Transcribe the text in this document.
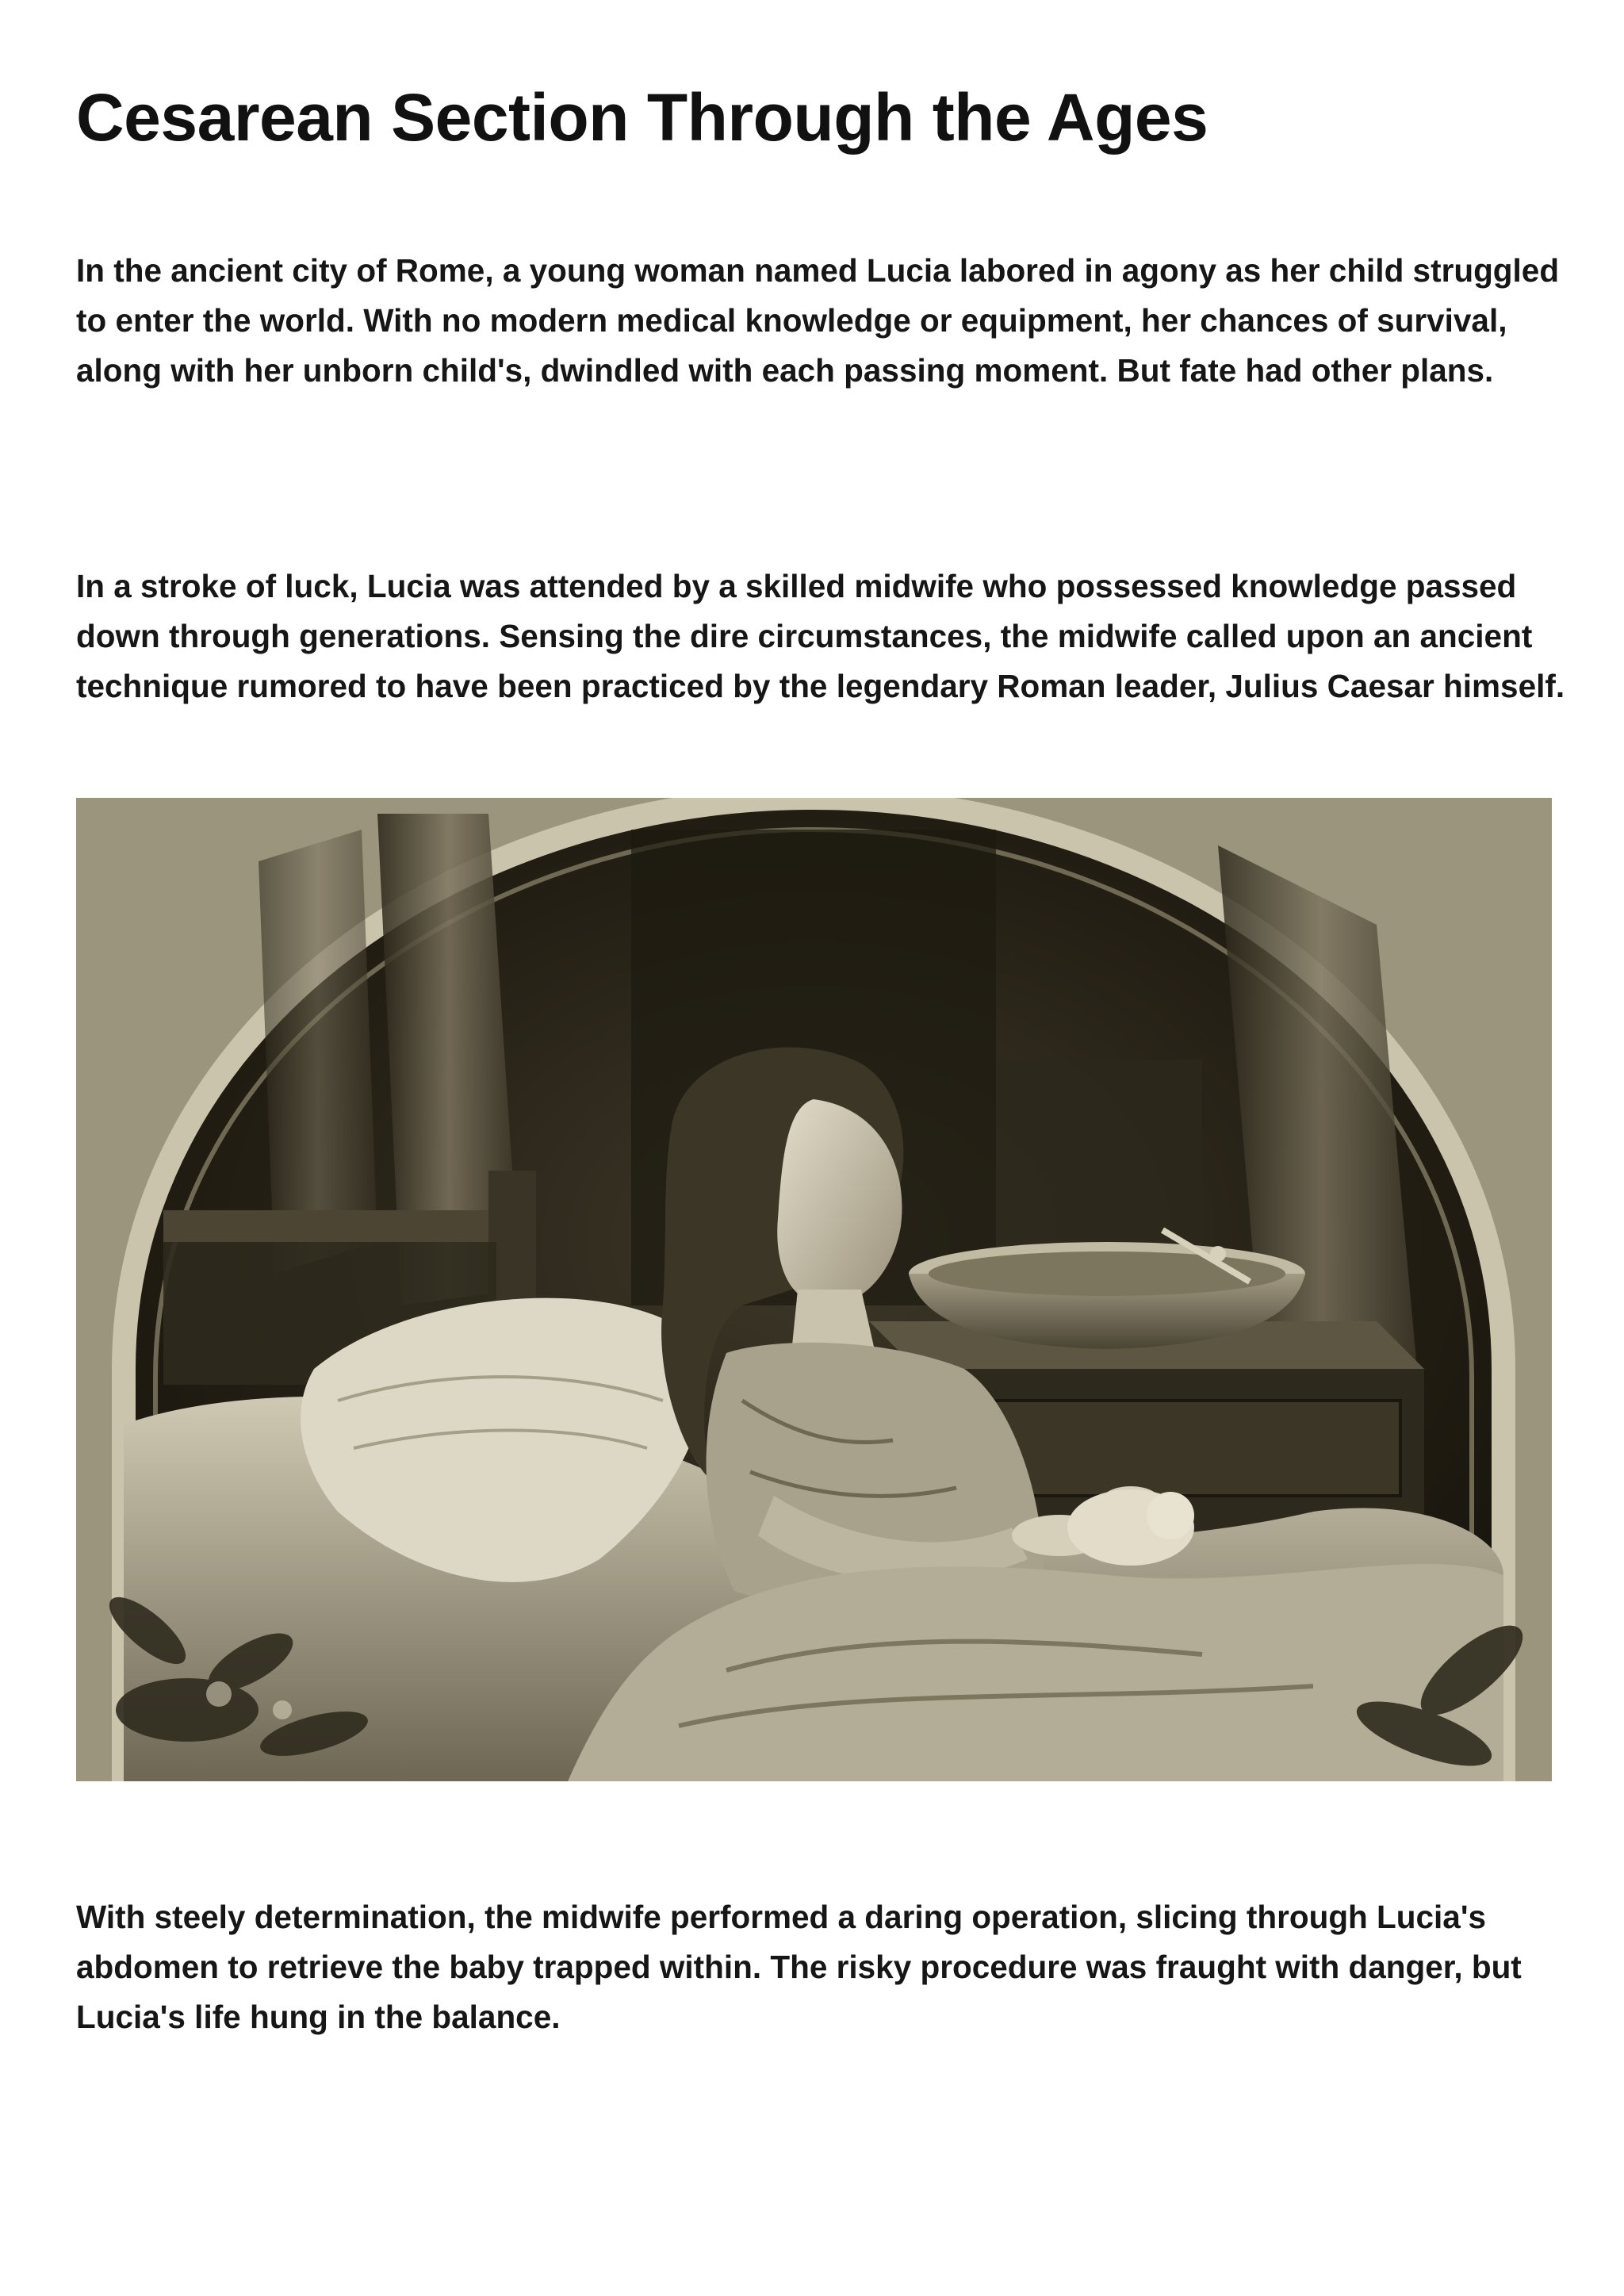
Cesarean Section Through the Ages

In the ancient city of Rome, a young woman named Lucia labored in agony as her child struggled to enter the world. With no modern medical knowledge or equipment, her chances of survival, along with her unborn child's, dwindled with each passing moment. But fate had other plans.

In a stroke of luck, Lucia was attended by a skilled midwife who possessed knowledge passed down through generations. Sensing the dire circumstances, the midwife called upon an ancient technique rumored to have been practiced by the legendary Roman leader, Julius Caesar himself.

With steely determination, the midwife performed a daring operation, slicing through Lucia's abdomen to retrieve the baby trapped within. The risky procedure was fraught with danger, but Lucia's life hung in the balance.
